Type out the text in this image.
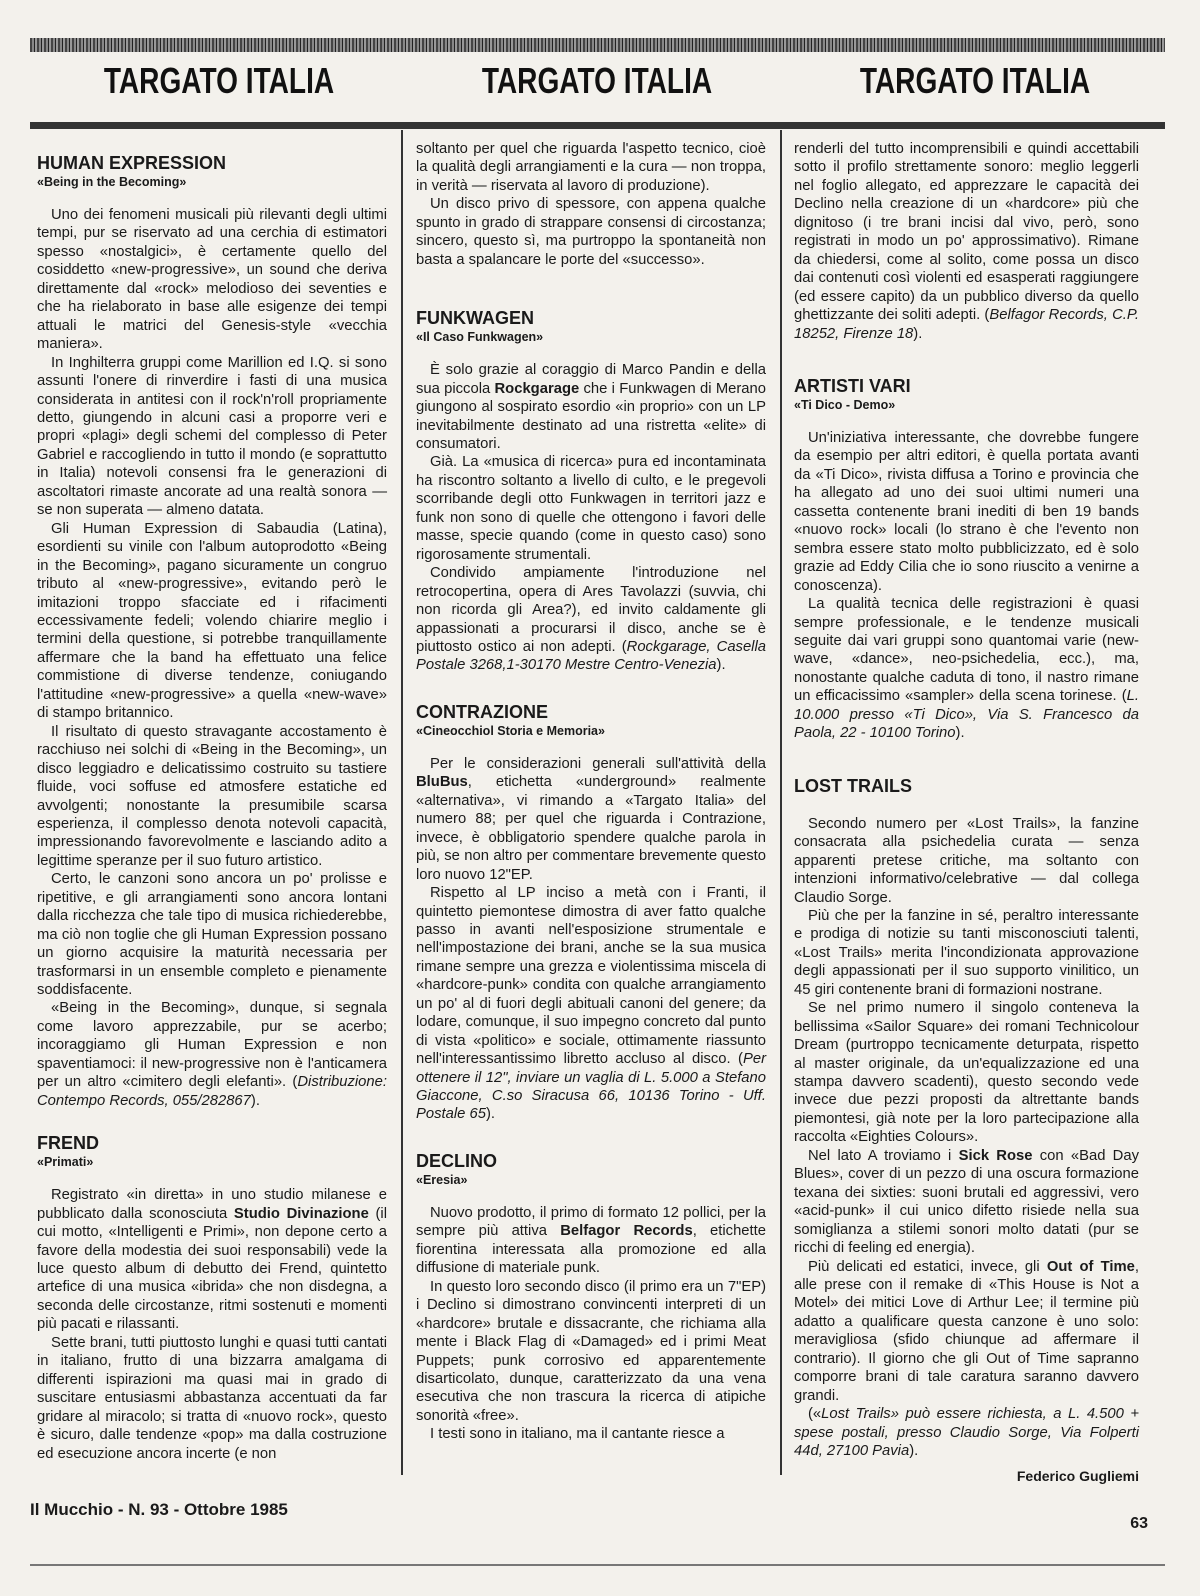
TARGATO ITALIA	TARGATO ITALIA	TARGATO ITALIA
HUMAN EXPRESSION
«Being in the Becoming»

Uno dei fenomeni musicali più rilevanti degli ultimi tempi, pur se riservato ad una cerchia di estimatori spesso «nostalgici», è certamente quello del cosiddetto «new-progressive», un sound che deriva direttamente dal «rock» melodioso dei seventies e che ha rielaborato in base alle esigenze dei tempi attuali le matrici del Genesis-style «vecchia maniera».

In Inghilterra gruppi come Marillion ed I.Q. si sono assunti l'onere di rinverdire i fasti di una musica considerata in antitesi con il rock'n'roll propriamente detto, giungendo in alcuni casi a proporre veri e propri «plagi» degli schemi del complesso di Peter Gabriel e raccogliendo in tutto il mondo (e soprattutto in Italia) notevoli consensi fra le generazioni di ascoltatori rimaste ancorate ad una realtà sonora — se non superata — almeno datata.

Gli Human Expression di Sabaudia (Latina), esordienti su vinile con l'album autoprodotto «Being in the Becoming», pagano sicuramente un congruo tributo al «new-progressive», evitando però le imitazioni troppo sfacciate ed i rifacimenti eccessivamente fedeli; volendo chiarire meglio i termini della questione, si potrebbe tranquillamente affermare che la band ha effettuato una felice commistione di diverse tendenze, coniugando l'attitudine «new-progressive» a quella «new-wave» di stampo britannico.

Il risultato di questo stravagante accostamento è racchiuso nei solchi di «Being in the Becoming», un disco leggiadro e delicatissimo costruito su tastiere fluide, voci soffuse ed atmosfere estatiche ed avvolgenti; nonostante la presumibile scarsa esperienza, il complesso denota notevoli capacità, impressionando favorevolmente e lasciando adito a legittime speranze per il suo futuro artistico.

Certo, le canzoni sono ancora un po' prolisse e ripetitive, e gli arrangiamenti sono ancora lontani dalla ricchezza che tale tipo di musica richiederebbe, ma ciò non toglie che gli Human Expression possano un giorno acquisire la maturità necessaria per trasformarsi in un ensemble completo e pienamente soddisfacente.

«Being in the Becoming», dunque, si segnala come lavoro apprezzabile, pur se acerbo; incoraggiamo gli Human Expression e non spaventiamoci: il new-progressive non è l'anticamera per un altro «cimitero degli elefanti». (Distribuzione: Contempo Records, 055/282867).

FREND
«Primati»

Registrato «in diretta» in uno studio milanese e pubblicato dalla sconosciuta Studio Divinazione (il cui motto, «Intelligenti e Primi», non depone certo a favore della modestia dei suoi responsabili) vede la luce questo album di debutto dei Frend, quintetto artefice di una musica «ibrida» che non disdegna, a seconda delle circostanze, ritmi sostenuti e momenti più pacati e rilassanti.

Sette brani, tutti piuttosto lunghi e quasi tutti cantati in italiano, frutto di una bizzarra amalgama di differenti ispirazioni ma quasi mai in grado di suscitare entusiasmi abbastanza accentuati da far gridare al miracolo; si tratta di «nuovo rock», questo è sicuro, dalle tendenze «pop» ma dalla costruzione ed esecuzione ancora incerte (e non

soltanto per quel che riguarda l'aspetto tecnico, cioè la qualità degli arrangiamenti e la cura — non troppa, in verità — riservata al lavoro di produzione).

Un disco privo di spessore, con appena qualche spunto in grado di strappare consensi di circostanza; sincero, questo sì, ma purtroppo la spontaneità non basta a spalancare le porte del «successo».

FUNKWAGEN
«Il Caso Funkwagen»

È solo grazie al coraggio di Marco Pandin e della sua piccola Rockgarage che i Funkwagen di Merano giungono al sospirato esordio «in proprio» con un LP inevitabilmente destinato ad una ristretta «elite» di consumatori.

Già. La «musica di ricerca» pura ed incontaminata ha riscontro soltanto a livello di culto, e le pregevoli scorribande degli otto Funkwagen in territori jazz e funk non sono di quelle che ottengono i favori delle masse, specie quando (come in questo caso) sono rigorosamente strumentali.

Condivido ampiamente l'introduzione nel retrocopertina, opera di Ares Tavolazzi (suvvia, chi non ricorda gli Area?), ed invito caldamente gli appassionati a procurarsi il disco, anche se è piuttosto ostico ai non adepti. (Rockgarage, Casella Postale 3268,1-30170 Mestre Centro-Venezia).

CONTRAZIONE
«Cineocchiol Storia e Memoria»

Per le considerazioni generali sull'attività della BluBus, etichetta «underground» realmente «alternativa», vi rimando a «Targato Italia» del numero 88; per quel che riguarda i Contrazione, invece, è obbligatorio spendere qualche parola in più, se non altro per commentare brevemente questo loro nuovo 12"EP.

Rispetto al LP inciso a metà con i Franti, il quintetto piemontese dimostra di aver fatto qualche passo in avanti nell'esposizione strumentale e nell'impostazione dei brani, anche se la sua musica rimane sempre una grezza e violentissima miscela di «hardcore-punk» condita con qualche arrangiamento un po' al di fuori degli abituali canoni del genere; da lodare, comunque, il suo impegno concreto dal punto di vista «politico» e sociale, ottimamente riassunto nell'interessantissimo libretto accluso al disco. (Per ottenere il 12", inviare un vaglia di L. 5.000 a Stefano Giaccone, C.so Siracusa 66, 10136 Torino - Uff. Postale 65).

DECLINO
«Eresia»

Nuovo prodotto, il primo di formato 12 pollici, per la sempre più attiva Belfagor Records, etichette fiorentina interessata alla promozione ed alla diffusione di materiale punk.

In questo loro secondo disco (il primo era un 7"EP) i Declino si dimostrano convincenti interpreti di un «hardcore» brutale e dissacrante, che richiama alla mente i Black Flag di «Damaged» ed i primi Meat Puppets; punk corrosivo ed apparentemente disarticolato, dunque, caratterizzato da una vena esecutiva che non trascura la ricerca di atipiche sonorità «free».

I testi sono in italiano, ma il cantante riesce a

renderli del tutto incomprensibili e quindi accettabili sotto il profilo strettamente sonoro: meglio leggerli nel foglio allegato, ed apprezzare le capacità dei Declino nella creazione di un «hardcore» più che dignitoso (i tre brani incisi dal vivo, però, sono registrati in modo un po' approssimativo). Rimane da chiedersi, come al solito, come possa un disco dai contenuti così violenti ed esasperati raggiungere (ed essere capito) da un pubblico diverso da quello ghettizzante dei soliti adepti. (Belfagor Records, C.P. 18252, Firenze 18).

ARTISTI VARI
«Ti Dico - Demo»

Un'iniziativa interessante, che dovrebbe fungere da esempio per altri editori, è quella portata avanti da «Ti Dico», rivista diffusa a Torino e provincia che ha allegato ad uno dei suoi ultimi numeri una cassetta contenente brani inediti di ben 19 bands «nuovo rock» locali (lo strano è che l'evento non sembra essere stato molto pubblicizzato, ed è solo grazie ad Eddy Cilia che io sono riuscito a venirne a conoscenza).

La qualità tecnica delle registrazioni è quasi sempre professionale, e le tendenze musicali seguite dai vari gruppi sono quantomai varie (new-wave, «dance», neo-psichedelia, ecc.), ma, nonostante qualche caduta di tono, il nastro rimane un efficacissimo «sampler» della scena torinese. (L. 10.000 presso «Ti Dico», Via S. Francesco da Paola, 22 - 10100 Torino).

LOST TRAILS

Secondo numero per «Lost Trails», la fanzine consacrata alla psichedelia curata — senza apparenti pretese critiche, ma soltanto con intenzioni informativo/celebrative — dal collega Claudio Sorge.

Più che per la fanzine in sé, peraltro interessante e prodiga di notizie su tanti misconosciuti talenti, «Lost Trails» merita l'incondizionata approvazione degli appassionati per il suo supporto vinilitico, un 45 giri contenente brani di formazioni nostrane.

Se nel primo numero il singolo conteneva la bellissima «Sailor Square» dei romani Technicolour Dream (purtroppo tecnicamente deturpata, rispetto al master originale, da un'equalizzazione ed una stampa davvero scadenti), questo secondo vede invece due pezzi proposti da altrettante bands piemontesi, già note per la loro partecipazione alla raccolta «Eighties Colours».

Nel lato A troviamo i Sick Rose con «Bad Day Blues», cover di un pezzo di una oscura formazione texana dei sixties: suoni brutali ed aggressivi, vero «acid-punk» il cui unico difetto risiede nella sua somiglianza a stilemi sonori molto datati (pur se ricchi di feeling ed energia).

Più delicati ed estatici, invece, gli Out of Time, alle prese con il remake di «This House is Not a Motel» dei mitici Love di Arthur Lee; il termine più adatto a qualificare questa canzone è uno solo: meravigliosa (sfido chiunque ad affermare il contrario). Il giorno che gli Out of Time sapranno comporre brani di tale caratura saranno davvero grandi.

(«Lost Trails» può essere richiesta, a L. 4.500 + spese postali, presso Claudio Sorge, Via Folperti 44d, 27100 Pavia).

Federico Gugliemi
Il Mucchio - N. 93 - Ottobre 1985
63
